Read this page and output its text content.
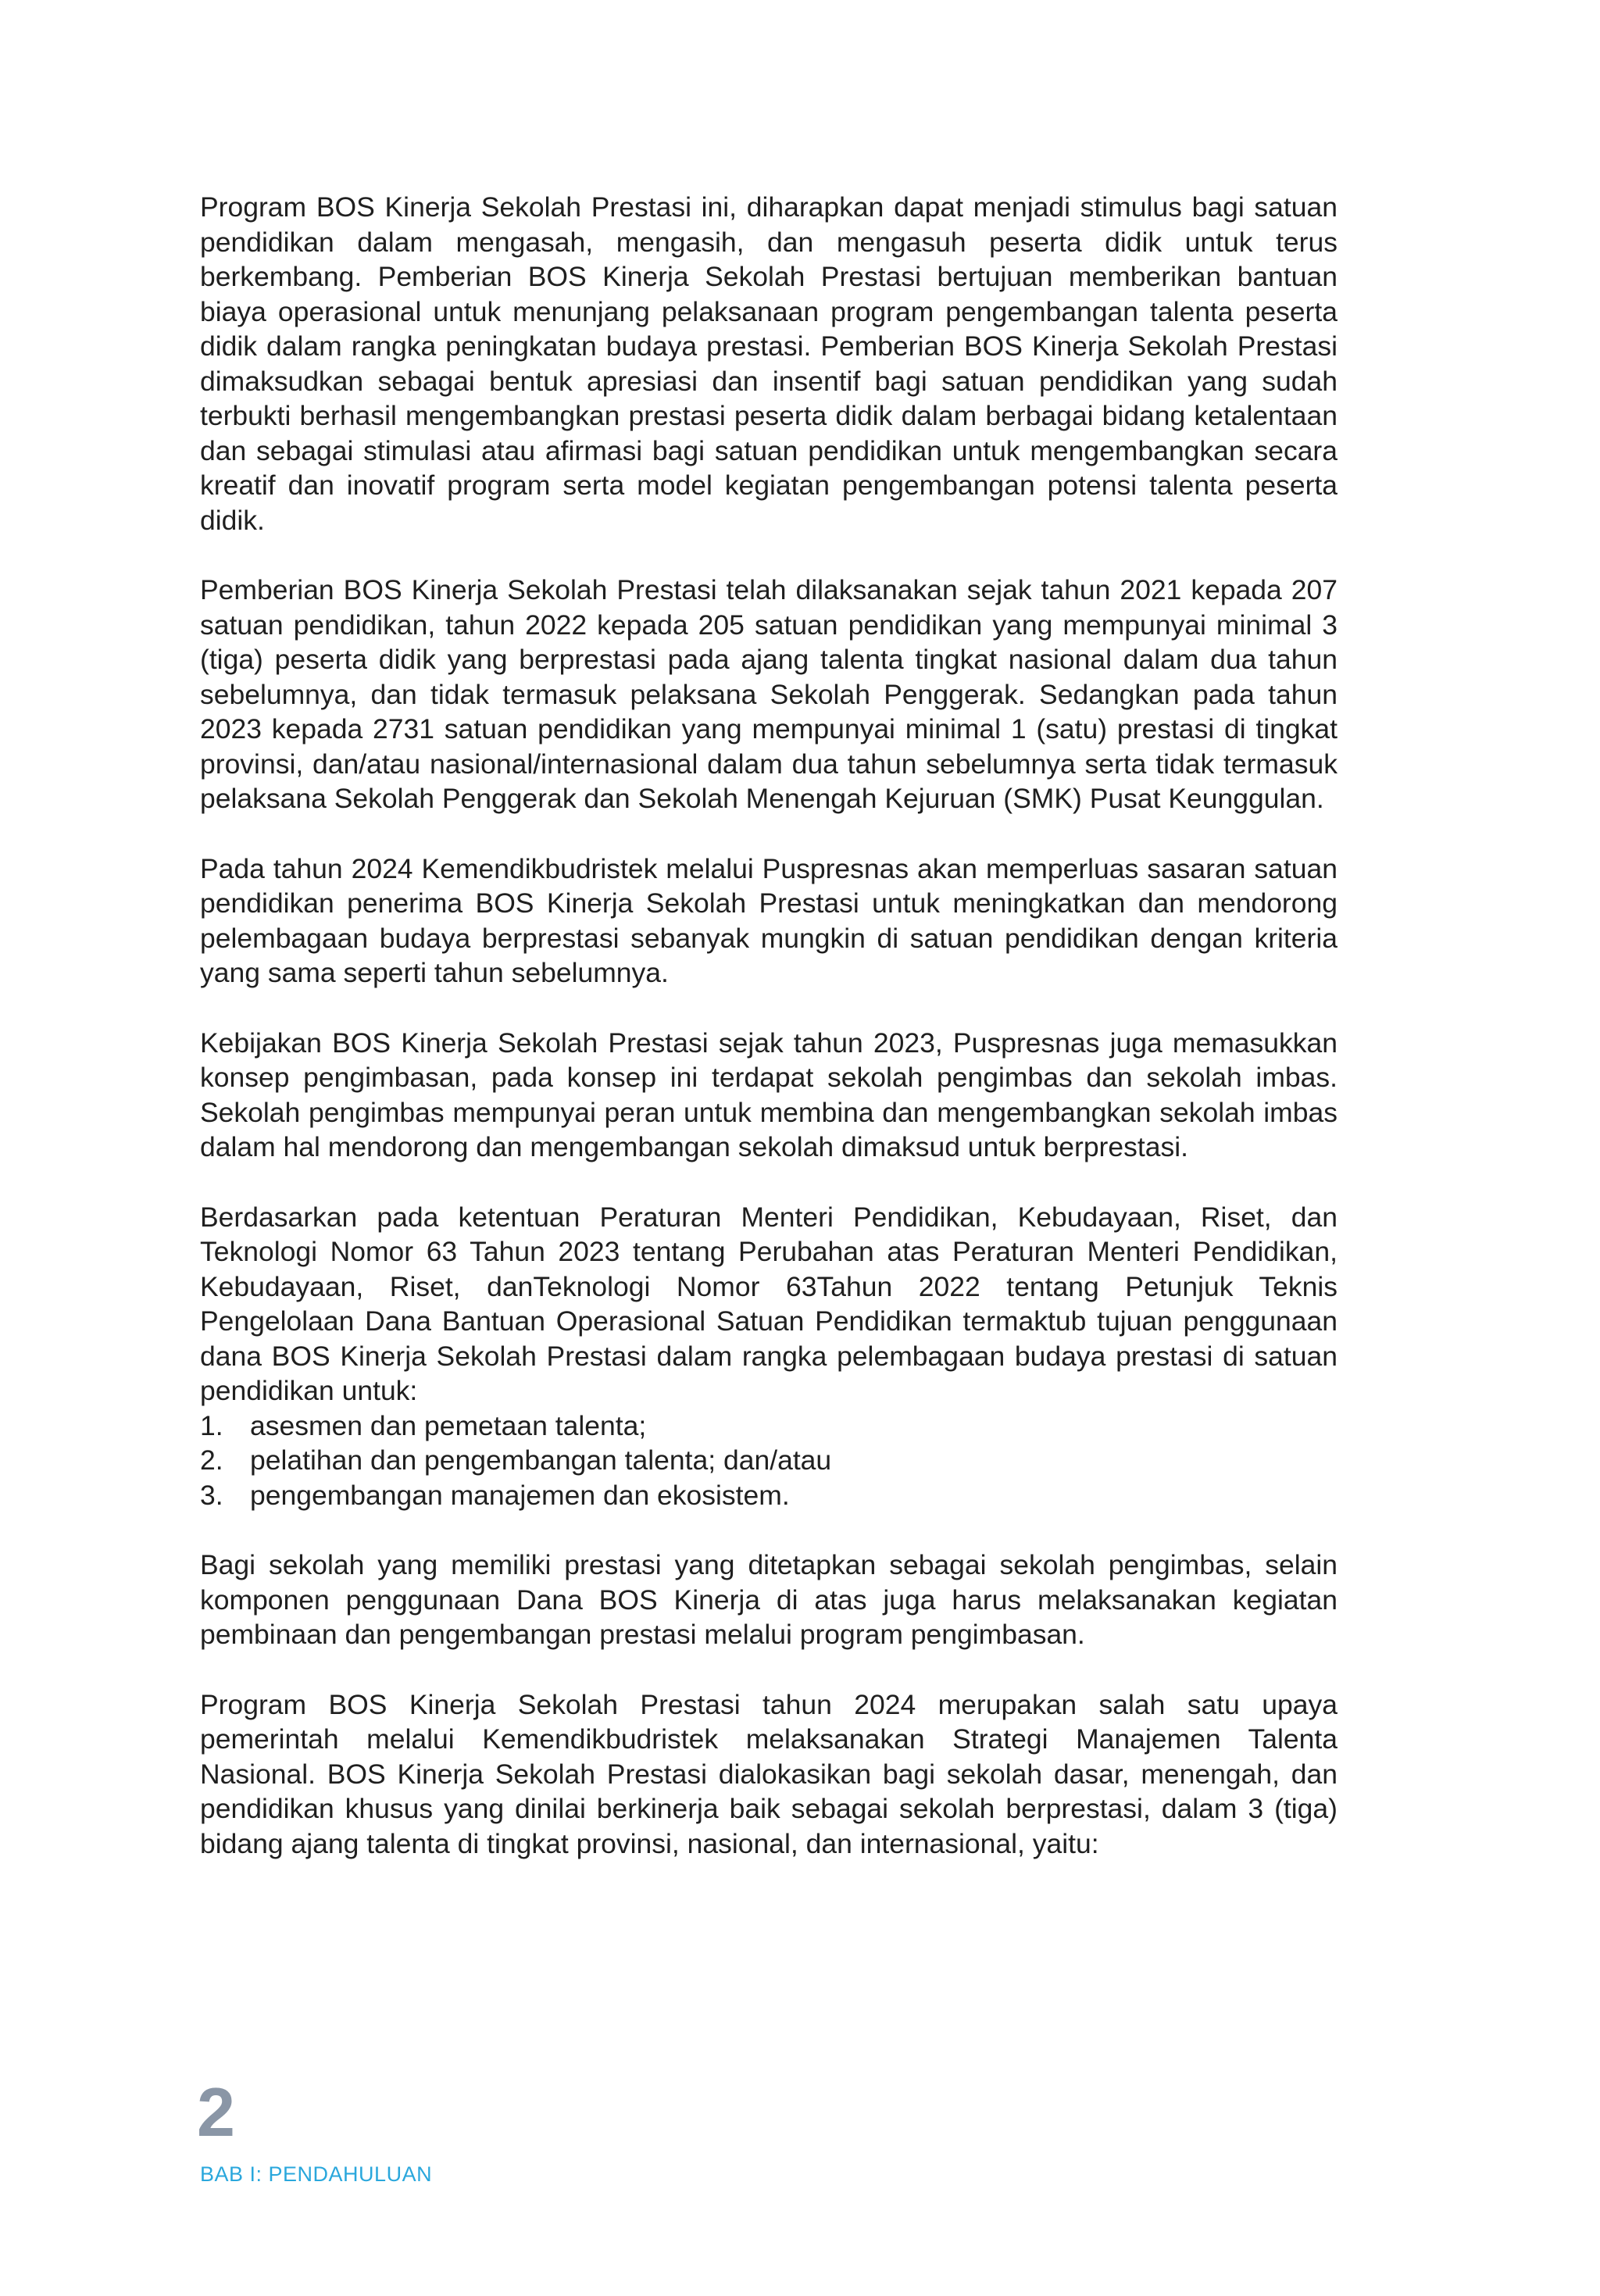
Program BOS Kinerja Sekolah Prestasi ini, diharapkan dapat menjadi stimulus bagi satuan pendidikan dalam mengasah, mengasih, dan mengasuh peserta didik untuk terus berkembang. Pemberian BOS Kinerja Sekolah Prestasi bertujuan memberikan bantuan biaya operasional untuk menunjang pelaksanaan program pengembangan talenta peserta didik dalam rangka peningkatan budaya prestasi. Pemberian BOS Kinerja Sekolah Prestasi dimaksudkan sebagai bentuk apresiasi dan insentif bagi satuan pendidikan yang sudah terbukti berhasil mengembangkan prestasi peserta didik dalam berbagai bidang ketalentaan dan sebagai stimulasi atau afirmasi bagi satuan pendidikan untuk mengembangkan secara kreatif dan inovatif program serta model kegiatan pengembangan potensi talenta peserta didik.

Pemberian BOS Kinerja Sekolah Prestasi telah dilaksanakan sejak tahun 2021 kepada 207 satuan pendidikan, tahun 2022 kepada 205 satuan pendidikan yang mempunyai minimal 3 (tiga) peserta didik yang berprestasi pada ajang talenta tingkat nasional dalam dua tahun sebelumnya, dan tidak termasuk pelaksana Sekolah Penggerak. Sedangkan pada tahun 2023 kepada 2731 satuan pendidikan yang mempunyai minimal 1 (satu) prestasi di tingkat provinsi, dan/atau nasional/internasional dalam dua tahun sebelumnya serta tidak termasuk pelaksana Sekolah Penggerak dan Sekolah Menengah Kejuruan (SMK) Pusat Keunggulan.

Pada tahun 2024 Kemendikbudristek melalui Puspresnas akan memperluas sasaran satuan pendidikan penerima BOS Kinerja Sekolah Prestasi untuk meningkatkan dan mendorong pelembagaan budaya berprestasi sebanyak mungkin di satuan pendidikan dengan kriteria yang sama seperti tahun sebelumnya.

Kebijakan BOS Kinerja Sekolah Prestasi sejak tahun 2023, Puspresnas juga memasukkan konsep pengimbasan, pada konsep ini terdapat sekolah pengimbas dan sekolah imbas. Sekolah pengimbas mempunyai peran untuk membina dan mengembangkan sekolah imbas dalam hal mendorong dan mengembangan sekolah dimaksud untuk berprestasi.

Berdasarkan pada ketentuan Peraturan Menteri Pendidikan, Kebudayaan, Riset, dan Teknologi Nomor 63 Tahun 2023 tentang Perubahan atas Peraturan Menteri Pendidikan, Kebudayaan, Riset, danTeknologi Nomor 63Tahun 2022 tentang Petunjuk Teknis Pengelolaan Dana Bantuan Operasional Satuan Pendidikan termaktub tujuan penggunaan dana BOS Kinerja Sekolah Prestasi dalam rangka pelembagaan budaya prestasi di satuan pendidikan untuk:

1. asesmen dan pemetaan talenta;
2. pelatihan dan pengembangan talenta; dan/atau
3. pengembangan manajemen dan ekosistem.

Bagi sekolah yang memiliki prestasi yang ditetapkan sebagai sekolah pengimbas, selain komponen penggunaan Dana BOS Kinerja di atas juga harus melaksanakan kegiatan pembinaan dan pengembangan prestasi melalui program pengimbasan.

Program BOS Kinerja Sekolah Prestasi tahun 2024 merupakan salah satu upaya pemerintah melalui Kemendikbudristek melaksanakan Strategi Manajemen Talenta Nasional. BOS Kinerja Sekolah Prestasi dialokasikan bagi sekolah dasar, menengah, dan pendidikan khusus yang dinilai berkinerja baik sebagai sekolah berprestasi, dalam 3 (tiga) bidang ajang talenta di tingkat provinsi, nasional, dan internasional, yaitu:

2
BAB I: PENDAHULUAN
